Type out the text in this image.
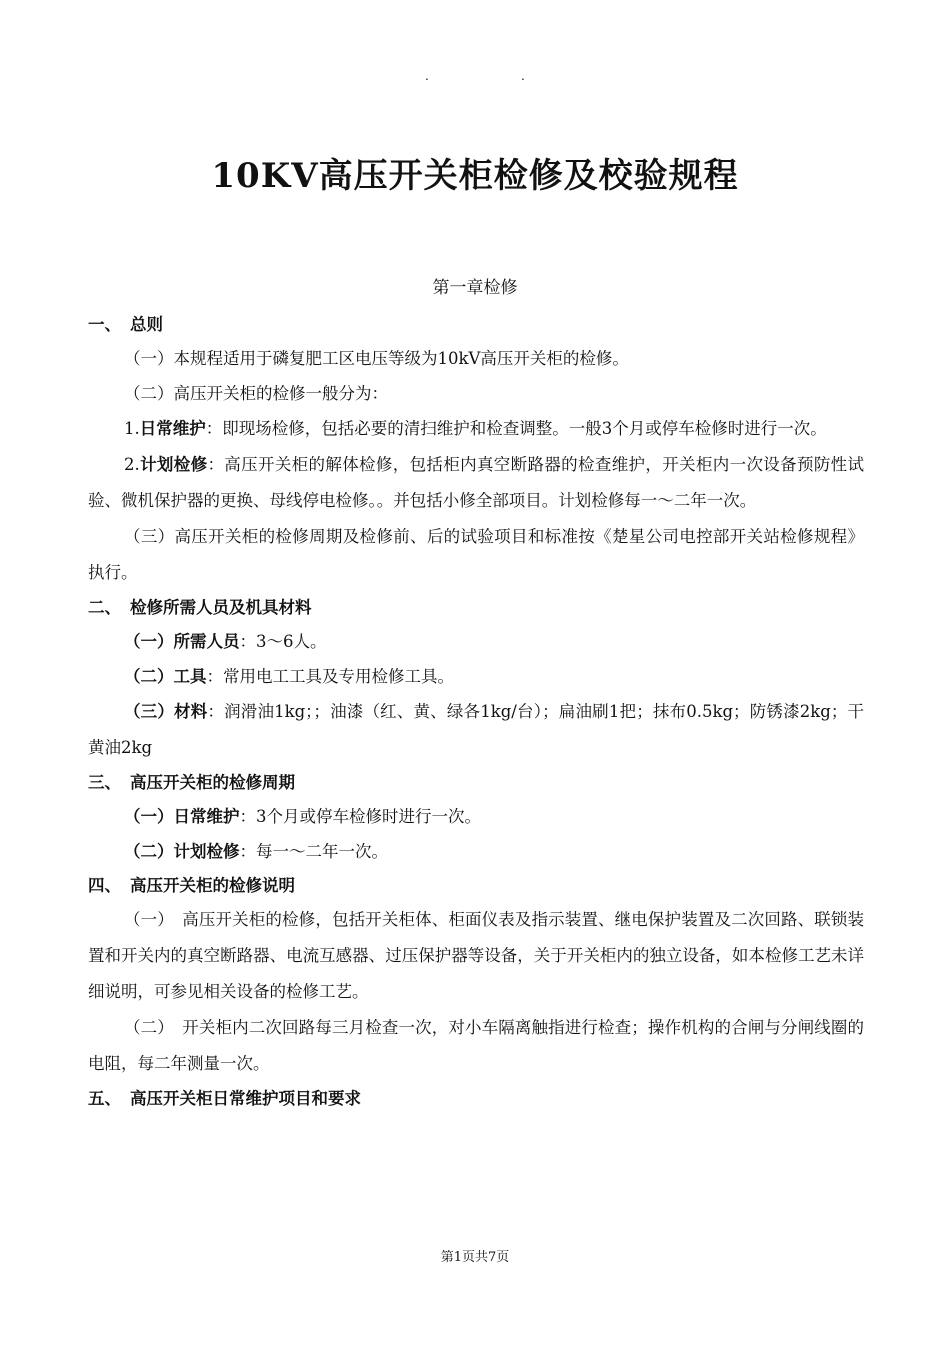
.	.
10KV高压开关柜检修及校验规程
第一章检修

一、 总则

（一）本规程适用于磷复肥工区电压等级为10kV高压开关柜的检修。

（二）高压开关柜的检修一般分为：

1.日常维护：即现场检修，包括必要的清扫维护和检查调整。一般3个月或停车检修时进行一次。

2.计划检修：高压开关柜的解体检修，包括柜内真空断路器的检查维护，开关柜内一次设备预防性试验、微机保护器的更换、母线停电检修。。并包括小修全部项目。计划检修每一～二年一次。

（三）高压开关柜的检修周期及检修前、后的试验项目和标准按《楚星公司电控部开关站检修规程》执行。

二、 检修所需人员及机具材料

（一）所需人员：3～6人。

（二）工具：常用电工工具及专用检修工具。

（三）材料：润滑油1kg；；油漆（红、黄、绿各1kg/台）；扁油刷1把；抹布0.5kg；防锈漆2kg；干黄油2kg

三、 高压开关柜的检修周期

（一）日常维护：3个月或停车检修时进行一次。

（二）计划检修：每一～二年一次。

四、 高压开关柜的检修说明

（一）　高压开关柜的检修，包括开关柜体、柜面仪表及指示装置、继电保护装置及二次回路、联锁装置和开关内的真空断路器、电流互感器、过压保护器等设备，关于开关柜内的独立设备，如本检修工艺未详细说明，可参见相关设备的检修工艺。

（二）　开关柜内二次回路每三月检查一次，对小车隔离触指进行检查；操作机构的合闸与分闸线圈的电阻，每二年测量一次。

五、 高压开关柜日常维护项目和要求

第1页共7页
